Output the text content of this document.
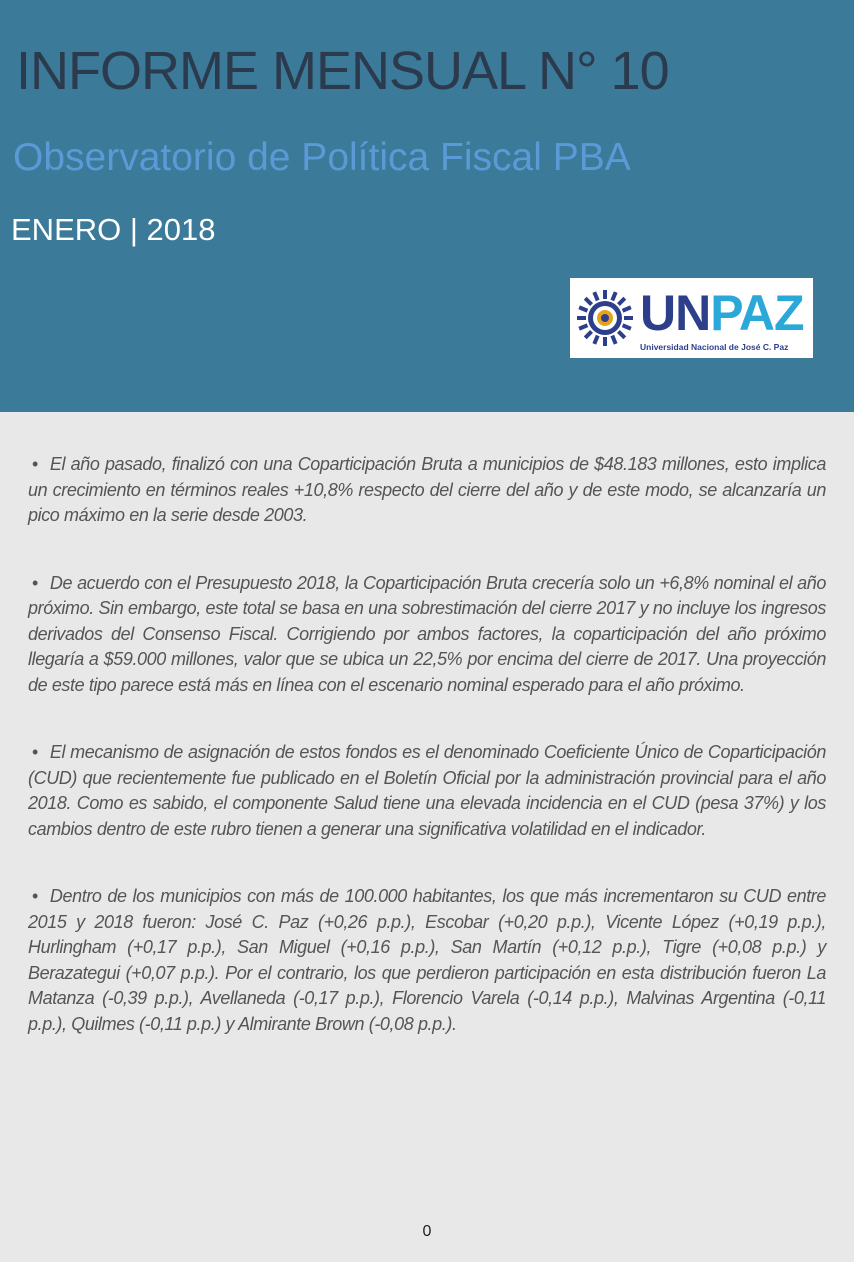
INFORME MENSUAL N° 10
Observatorio de Política Fiscal PBA
ENERO | 2018
UNPAZ
Universidad Nacional de José C. Paz

• El año pasado, finalizó con una Coparticipación Bruta a municipios de $48.183 millones, esto implica un crecimiento en términos reales +10,8% respecto del cierre del año y de este modo, se alcanzaría un pico máximo en la serie desde 2003.

• De acuerdo con el Presupuesto 2018, la Coparticipación Bruta crecería solo un +6,8% nominal el año próximo. Sin embargo, este total se basa en una sobrestimación del cierre 2017 y no incluye los ingresos derivados del Consenso Fiscal. Corrigiendo por ambos factores, la coparticipación del año próximo llegaría a $59.000 millones, valor que se ubica un 22,5% por encima del cierre de 2017. Una proyección de este tipo parece está más en línea con el escenario nominal esperado para el año próximo.

• El mecanismo de asignación de estos fondos es el denominado Coeficiente Único de Coparticipación (CUD) que recientemente fue publicado en el Boletín Oficial por la administración provincial para el año 2018. Como es sabido, el componente Salud tiene una elevada incidencia en el CUD (pesa 37%) y los cambios dentro de este rubro tienen a generar una significativa volatilidad en el indicador.

• Dentro de los municipios con más de 100.000 habitantes, los que más incrementaron su CUD entre 2015 y 2018 fueron: José C. Paz (+0,26 p.p.), Escobar (+0,20 p.p.), Vicente López (+0,19 p.p.), Hurlingham (+0,17 p.p.), San Miguel (+0,16 p.p.), San Martín (+0,12 p.p.), Tigre (+0,08 p.p.) y Berazategui (+0,07 p.p.). Por el contrario, los que perdieron participación en esta distribución fueron La Matanza (-0,39 p.p.), Avellaneda (-0,17 p.p.), Florencio Varela (-0,14 p.p.), Malvinas Argentina (-0,11 p.p.), Quilmes (-0,11 p.p.) y Almirante Brown (-0,08 p.p.).

0
